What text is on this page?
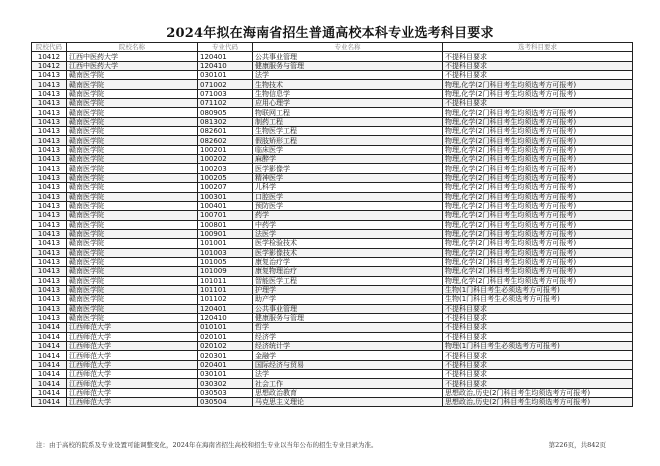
2024年拟在海南省招生普通高校本科专业选考科目要求
院校代码	院校名称	专业代码	专业名称	选考科目要求
10412	江西中医药大学	120401	公共事业管理	不提科目要求
10412	江西中医药大学	120410	健康服务与管理	不提科目要求
10413	赣南医学院	030101	法学	不提科目要求
10413	赣南医学院	071002	生物技术	物理,化学(2门科目考生均须选考方可报考)
10413	赣南医学院	071003	生物信息学	物理,化学(2门科目考生均须选考方可报考)
10413	赣南医学院	071102	应用心理学	不提科目要求
10413	赣南医学院	080905	物联网工程	物理,化学(2门科目考生均须选考方可报考)
10413	赣南医学院	081302	制药工程	物理,化学(2门科目考生均须选考方可报考)
10413	赣南医学院	082601	生物医学工程	物理,化学(2门科目考生均须选考方可报考)
10413	赣南医学院	082602	假肢矫形工程	物理,化学(2门科目考生均须选考方可报考)
10413	赣南医学院	100201	临床医学	物理,化学(2门科目考生均须选考方可报考)
10413	赣南医学院	100202	麻醉学	物理,化学(2门科目考生均须选考方可报考)
10413	赣南医学院	100203	医学影像学	物理,化学(2门科目考生均须选考方可报考)
10413	赣南医学院	100205	精神医学	物理,化学(2门科目考生均须选考方可报考)
10413	赣南医学院	100207	儿科学	物理,化学(2门科目考生均须选考方可报考)
10413	赣南医学院	100301	口腔医学	物理,化学(2门科目考生均须选考方可报考)
10413	赣南医学院	100401	预防医学	物理,化学(2门科目考生均须选考方可报考)
10413	赣南医学院	100701	药学	物理,化学(2门科目考生均须选考方可报考)
10413	赣南医学院	100801	中药学	物理,化学(2门科目考生均须选考方可报考)
10413	赣南医学院	100901	法医学	物理,化学(2门科目考生均须选考方可报考)
10413	赣南医学院	101001	医学检验技术	物理,化学(2门科目考生均须选考方可报考)
10413	赣南医学院	101003	医学影像技术	物理,化学(2门科目考生均须选考方可报考)
10413	赣南医学院	101005	康复治疗学	物理,化学(2门科目考生均须选考方可报考)
10413	赣南医学院	101009	康复物理治疗	物理,化学(2门科目考生均须选考方可报考)
10413	赣南医学院	101011	智能医学工程	物理,化学(2门科目考生均须选考方可报考)
10413	赣南医学院	101101	护理学	生物(1门科目考生必须选考方可报考)
10413	赣南医学院	101102	助产学	生物(1门科目考生必须选考方可报考)
10413	赣南医学院	120401	公共事业管理	不提科目要求
10413	赣南医学院	120410	健康服务与管理	不提科目要求
10414	江西师范大学	010101	哲学	不提科目要求
10414	江西师范大学	020101	经济学	不提科目要求
10414	江西师范大学	020102	经济统计学	物理(1门科目考生必须选考方可报考)
10414	江西师范大学	020301	金融学	不提科目要求
10414	江西师范大学	020401	国际经济与贸易	不提科目要求
10414	江西师范大学	030101	法学	不提科目要求
10414	江西师范大学	030302	社会工作	不提科目要求
10414	江西师范大学	030503	思想政治教育	思想政治,历史(2门科目考生均须选考方可报考)
10414	江西师范大学	030504	马克思主义理论	思想政治,历史(2门科目考生均须选考方可报考)
注：由于高校的院系及专业设置可能调整变化，2024年在海南省招生高校和招生专业以当年公布的招生专业目录为准。	第226页，共842页
